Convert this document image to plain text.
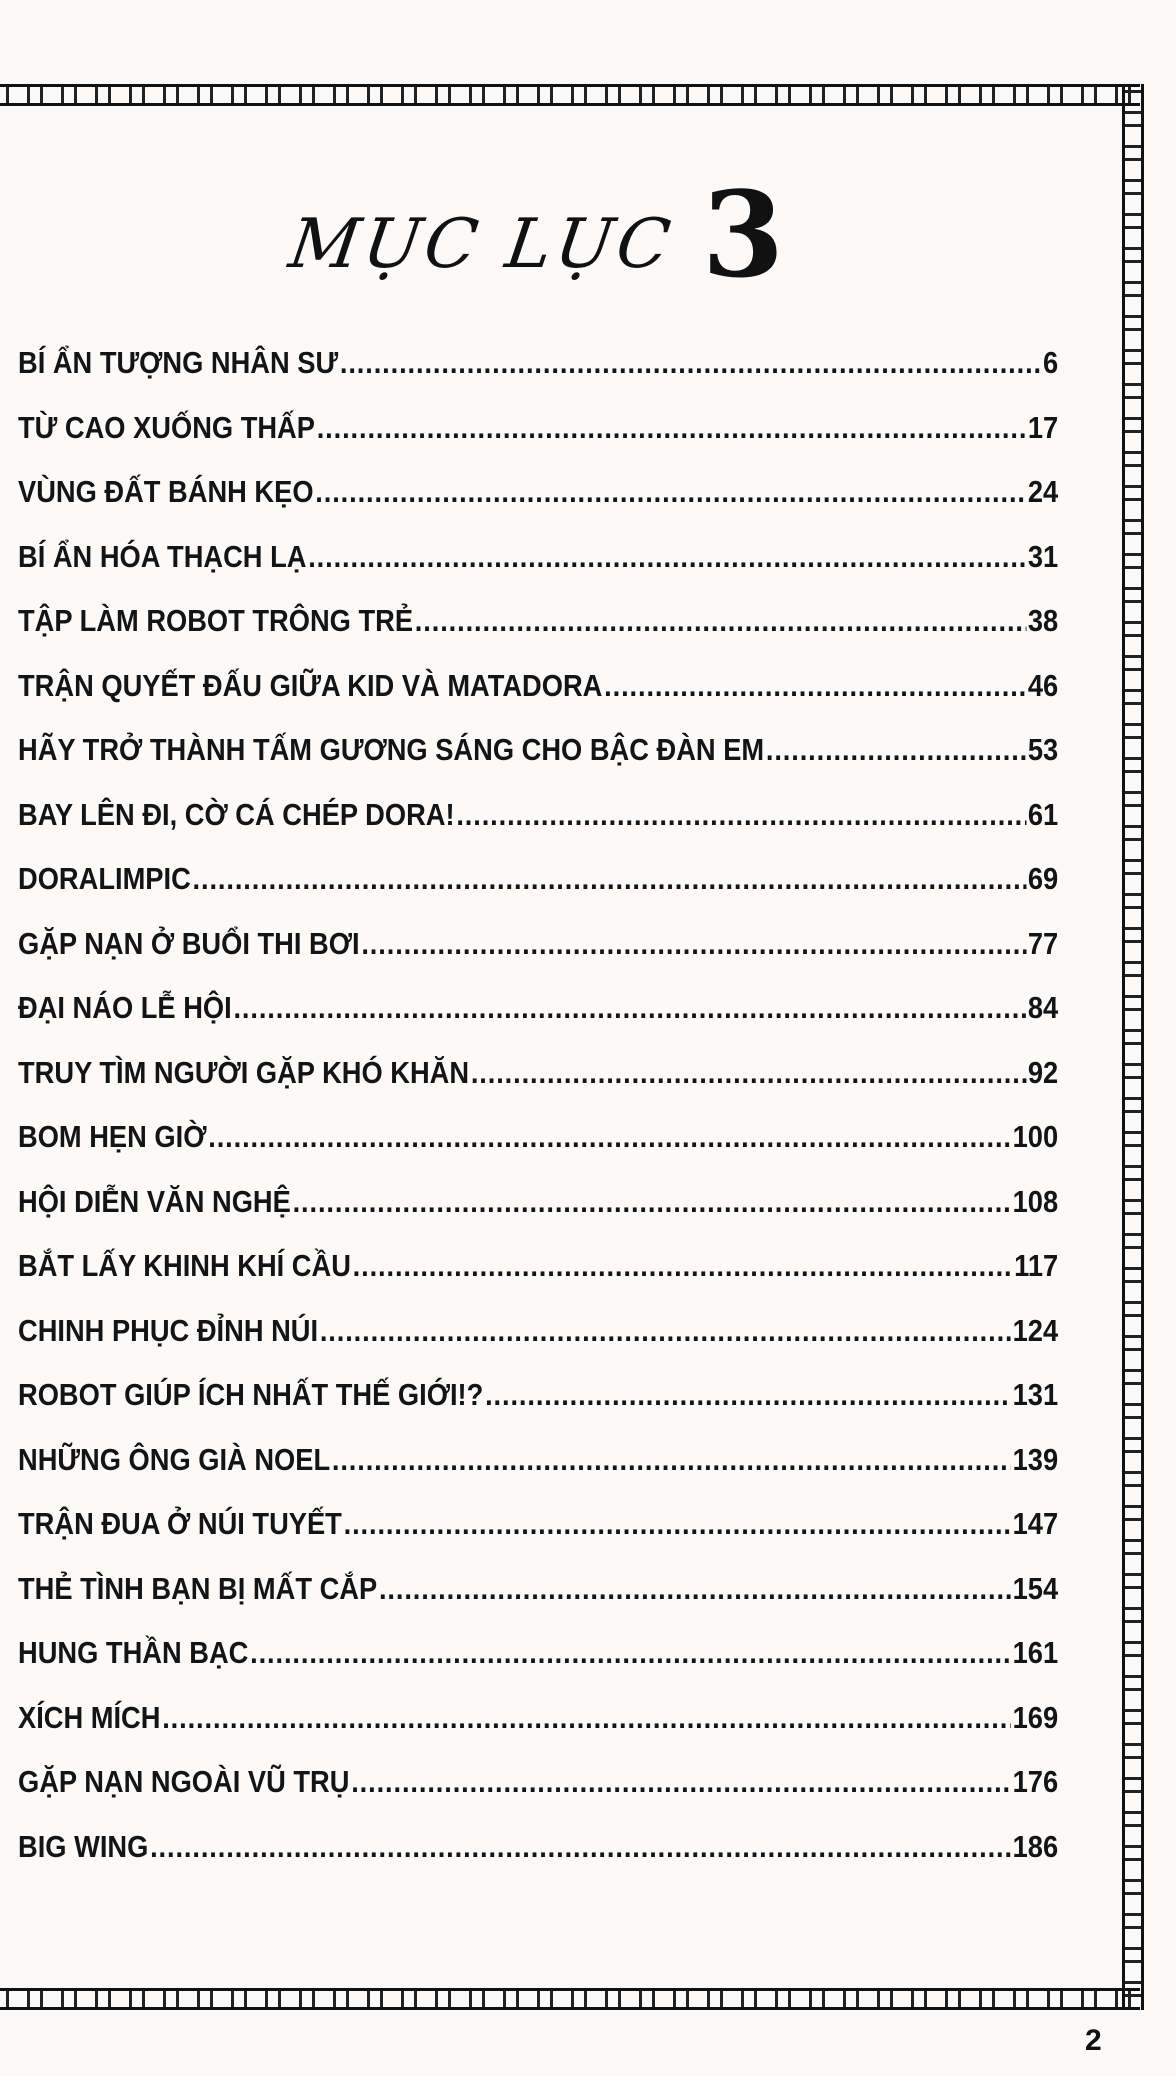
MỤC LỤC 3
BÍ ẨN TƯỢNG NHÂN SƯ .....	6
TỪ CAO XUỐNG THẤP .....	17
VÙNG ĐẤT BÁNH KẸO .....	24
BÍ ẨN HÓA THẠCH LẠ .....	31
TẬP LÀM ROBOT TRÔNG TRẺ .....	38
TRẬN QUYẾT ĐẤU GIỮA KID VÀ MATADORA .....	46
HÃY TRỞ THÀNH TẤM GƯƠNG SÁNG CHO BẬC ĐÀN EM .....	53
BAY LÊN ĐI, CỜ CÁ CHÉP DORA! .....	61
DORALIMPIC .....	69
GẶP NẠN Ở BUỔI THI BƠI .....	77
ĐẠI NÁO LỄ HỘI .....	84
TRUY TÌM NGƯỜI GẶP KHÓ KHĂN .....	92
BOM HẸN GIỜ .....	100
HỘI DIỄN VĂN NGHỆ .....	108
BẮT LẤY KHINH KHÍ CẦU .....	117
CHINH PHỤC ĐỈNH NÚI .....	124
ROBOT GIÚP ÍCH NHẤT THẾ GIỚI!? .....	131
NHỮNG ÔNG GIÀ NOEL .....	139
TRẬN ĐUA Ở NÚI TUYẾT .....	147
THẺ TÌNH BẠN BỊ MẤT CẮP .....	154
HUNG THẦN BẠC .....	161
XÍCH MÍCH .....	169
GẶP NẠN NGOÀI VŨ TRỤ .....	176
BIG WING .....	186
2
